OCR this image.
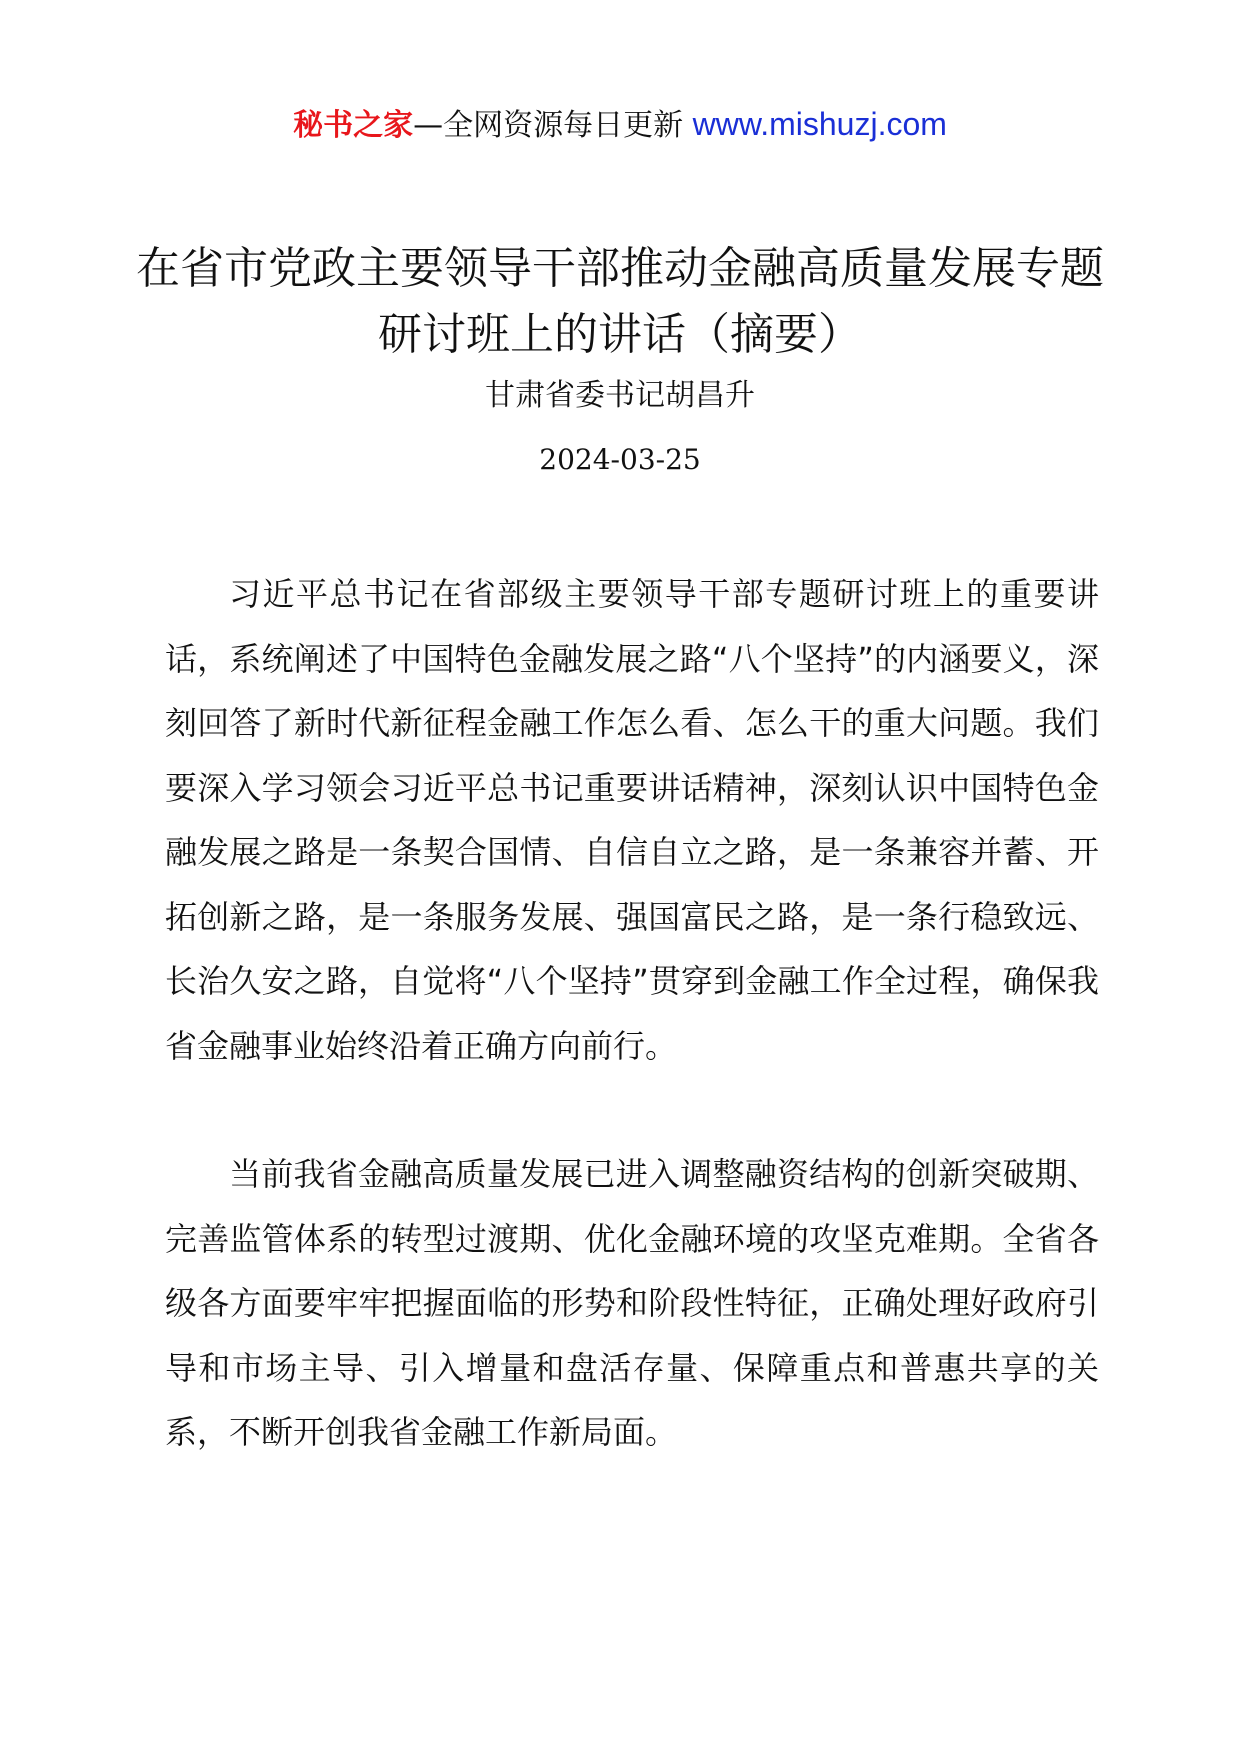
秘书之家—全网资源每日更新 www.mishuzj.com
在省市党政主要领导干部推动金融高质量发展专题研讨班上的讲话（摘要）
甘肃省委书记胡昌升
2024-03-25

习近平总书记在省部级主要领导干部专题研讨班上的重要讲话，系统阐述了中国特色金融发展之路“八个坚持”的内涵要义，深刻回答了新时代新征程金融工作怎么看、怎么干的重大问题。我们要深入学习领会习近平总书记重要讲话精神，深刻认识中国特色金融发展之路是一条契合国情、自信自立之路，是一条兼容并蓄、开拓创新之路，是一条服务发展、强国富民之路，是一条行稳致远、长治久安之路，自觉将“八个坚持”贯穿到金融工作全过程，确保我省金融事业始终沿着正确方向前行。

当前我省金融高质量发展已进入调整融资结构的创新突破期、完善监管体系的转型过渡期、优化金融环境的攻坚克难期。全省各级各方面要牢牢把握面临的形势和阶段性特征，正确处理好政府引导和市场主导、引入增量和盘活存量、保障重点和普惠共享的关系，不断开创我省金融工作新局面。
